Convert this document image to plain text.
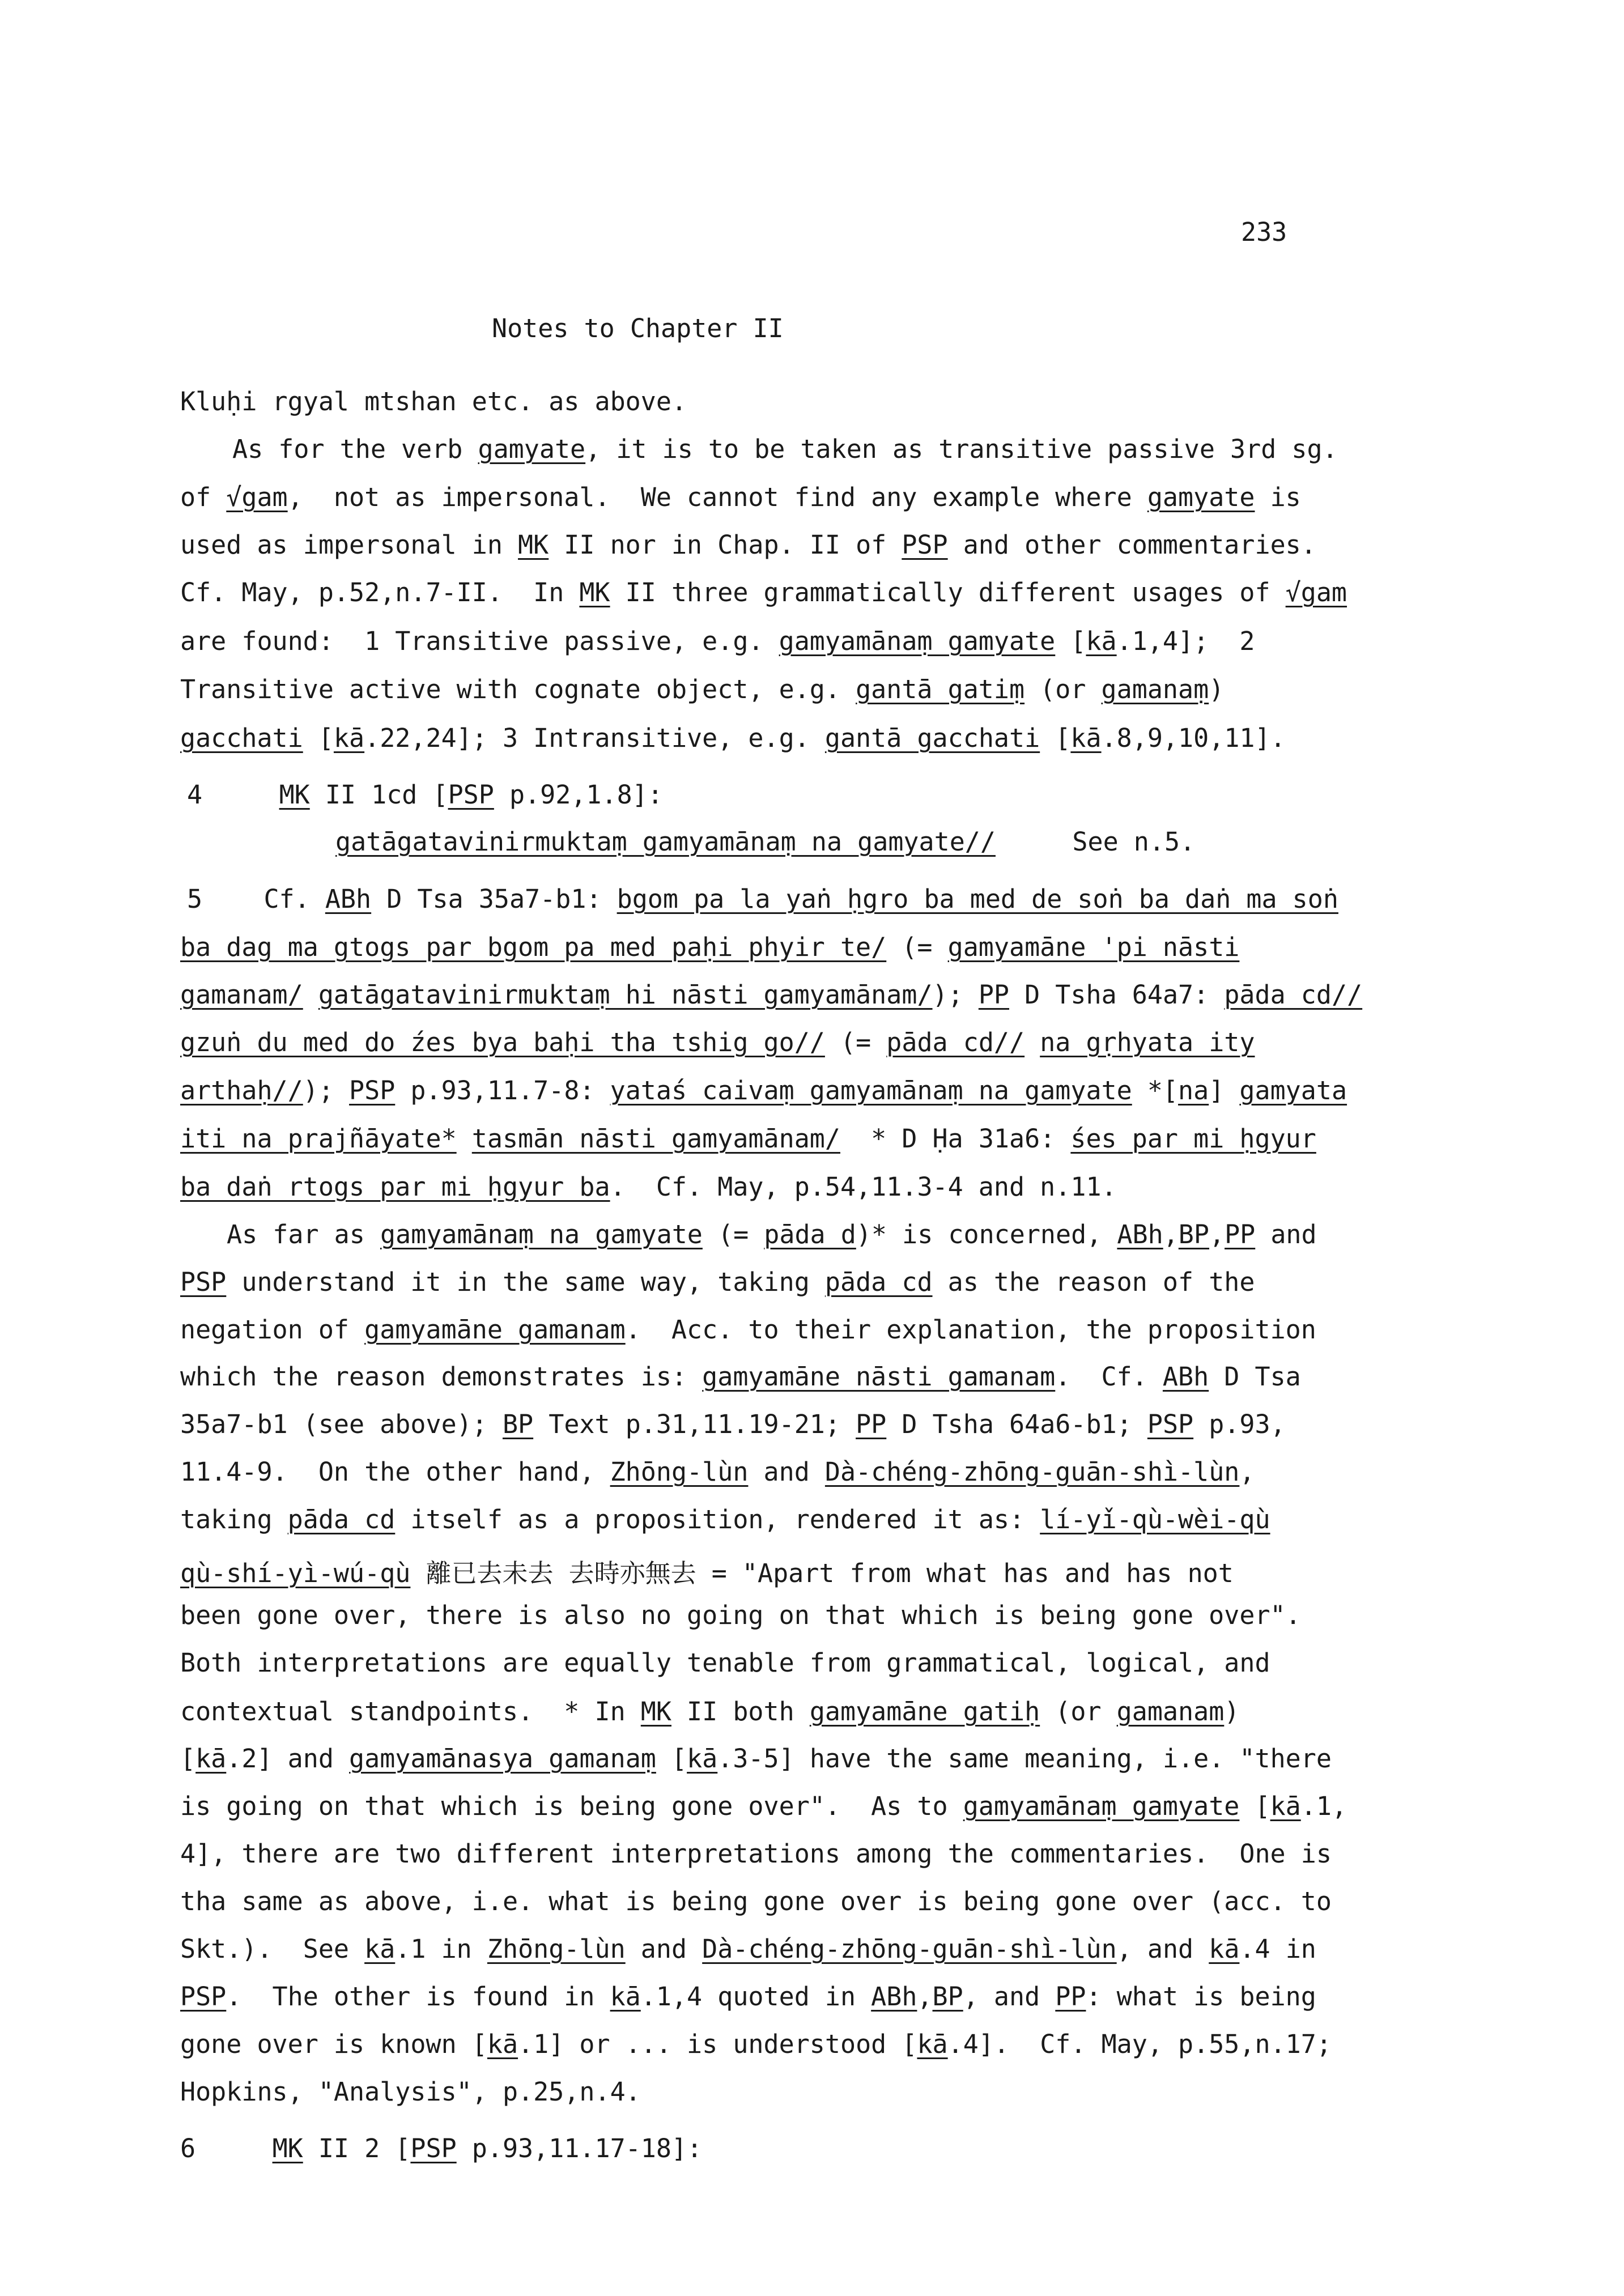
233
Notes to Chapter II
Kluḥi rgyal mtshan etc. as above.
As for the verb gamyate, it is to be taken as transitive passive 3rd sg.
of √gam,  not as impersonal.  We cannot find any example where gamyate is
used as impersonal in MK II nor in Chap. II of PSP and other commentaries.
Cf. May, p.52,n.7-II.  In MK II three grammatically different usages of √gam
are found:  1 Transitive passive, e.g. gamyamānaṃ gamyate [kā.1,4];  2
Transitive active with cognate object, e.g. gantā gatiṃ (or gamanaṃ)
gacchati [kā.22,24]; 3 Intransitive, e.g. gantā gacchati [kā.8,9,10,11].
4     MK II 1cd [PSP p.92,1.8]:
gatāgatavinirmuktaṃ gamyamānaṃ na gamyate//     See n.5.
5    Cf. ABh D Tsa 35a7-b1: bgom pa la yaṅ ḥgro ba med de soṅ ba daṅ ma soṅ
ba dag ma gtogs par bgom pa med paḥi phyir te/ (= gamyamāne 'pi nāsti
gamanam/ gatāgatavinirmuktaṃ hi nāsti gamyamānam/); PP D Tsha 64a7: pāda cd//
gzuṅ du med do źes bya baḥi tha tshig go// (= pāda cd// na gṛhyata ity
arthaḥ//); PSP p.93,11.7-8: yataś caivaṃ gamyamānaṃ na gamyate *[na] gamyata
iti na prajñāyate* tasmān nāsti gamyamānam/  * D Ḥa 31a6: śes par mi ḥgyur
ba daṅ rtogs par mi ḥgyur ba.  Cf. May, p.54,11.3-4 and n.11.
As far as gamyamānaṃ na gamyate (= pāda d)* is concerned, ABh,BP,PP and
PSP understand it in the same way, taking pāda cd as the reason of the
negation of gamyamāne gamanam.  Acc. to their explanation, the proposition
which the reason demonstrates is: gamyamāne nāsti gamanam.  Cf. ABh D Tsa
35a7-b1 (see above); BP Text p.31,11.19-21; PP D Tsha 64a6-b1; PSP p.93,
11.4-9.  On the other hand, Zhōng-lùn and Dà-chéng-zhōng-guān-shì-lùn,
taking pāda cd itself as a proposition, rendered it as: lí-yǐ-qù-wèi-qù
qù-shí-yì-wú-qù 離已去未去 去時亦無去 = "Apart from what has and has not
been gone over, there is also no going on that which is being gone over".
Both interpretations are equally tenable from grammatical, logical, and
contextual standpoints.  * In MK II both gamyamāne gatiḥ (or gamanam)
[kā.2] and gamyamānasya gamanaṃ [kā.3-5] have the same meaning, i.e. "there
is going on that which is being gone over".  As to gamyamānaṃ gamyate [kā.1,
4], there are two different interpretations among the commentaries.  One is
tha same as above, i.e. what is being gone over is being gone over (acc. to
Skt.).  See kā.1 in Zhōng-lùn and Dà-chéng-zhōng-guān-shì-lùn, and kā.4 in
PSP.  The other is found in kā.1,4 quoted in ABh,BP, and PP: what is being
gone over is known [kā.1] or ... is understood [kā.4].  Cf. May, p.55,n.17;
Hopkins, "Analysis", p.25,n.4.
6     MK II 2 [PSP p.93,11.17-18]:
